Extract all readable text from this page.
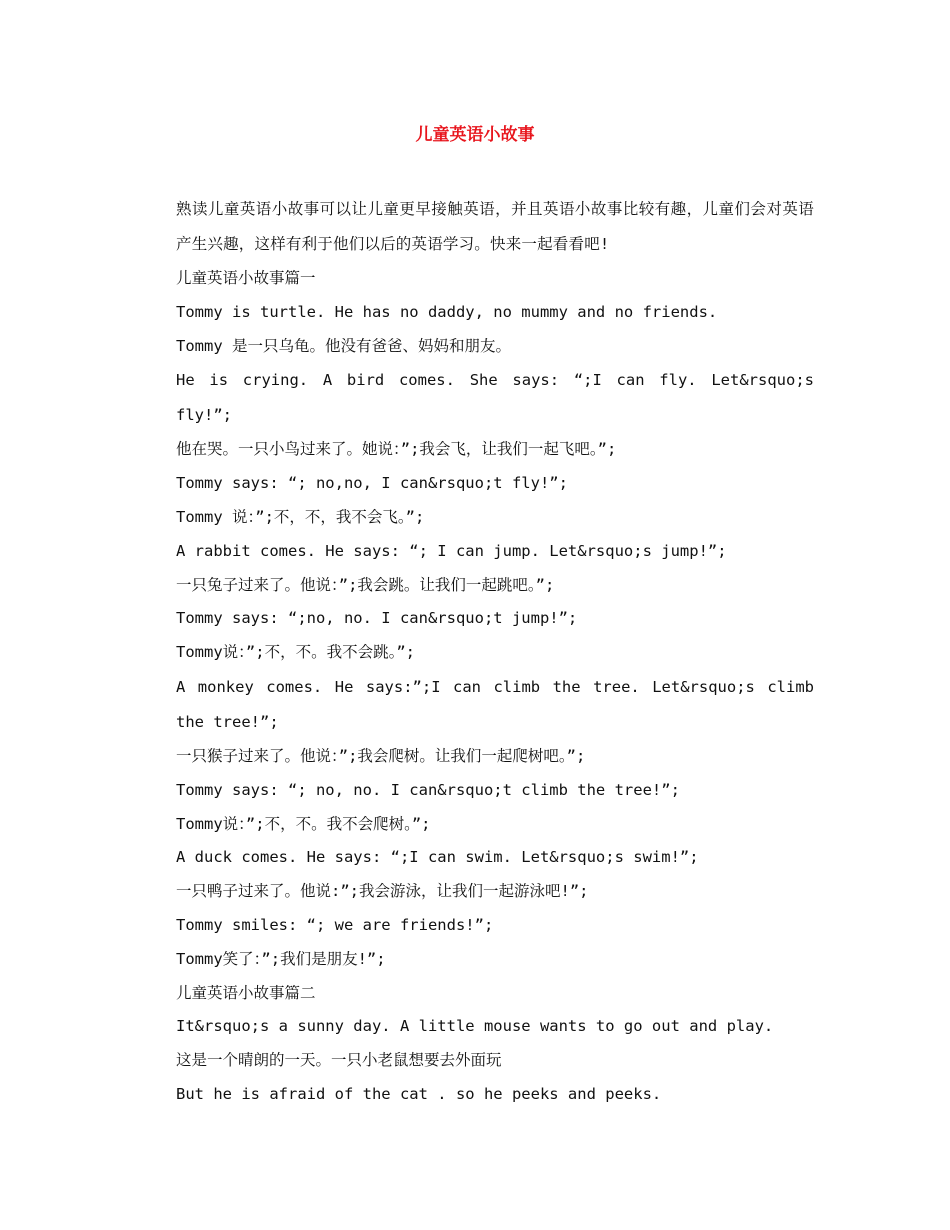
儿童英语小故事

熟读儿童英语小故事可以让儿童更早接触英语，并且英语小故事比较有趣，儿童们会对英语产生兴趣，这样有利于他们以后的英语学习。快来一起看看吧!

儿童英语小故事篇一

Tommy is turtle. He has no daddy, no mummy and no friends.

Tommy 是一只乌龟。他没有爸爸、妈妈和朋友。

He is crying. A bird comes. She says: “;I can fly. Let&rsquo;s fly!”;

他在哭。一只小鸟过来了。她说：”;我会飞，让我们一起飞吧。”;

Tommy says: “; no,no, I can&rsquo;t fly!”;

Tommy 说：”;不，不，我不会飞。”;

A rabbit comes. He says: “; I can jump. Let&rsquo;s jump!”;

一只兔子过来了。他说：”;我会跳。让我们一起跳吧。”;

Tommy says: “;no, no. I can&rsquo;t jump!”;

Tommy说：”;不，不。我不会跳。”;

A monkey comes. He says:”;I can climb the tree. Let&rsquo;s climb the tree!”;

一只猴子过来了。他说：”;我会爬树。让我们一起爬树吧。”;

Tommy says: “; no, no. I can&rsquo;t climb the tree!”;

Tommy说：”;不，不。我不会爬树。”;

A duck comes. He says: “;I can swim. Let&rsquo;s swim!”;

一只鸭子过来了。他说:”;我会游泳，让我们一起游泳吧!”;

Tommy smiles: “; we are friends!”;

Tommy笑了：”;我们是朋友!”;

儿童英语小故事篇二

It&rsquo;s a sunny day. A little mouse wants to go out and play.

这是一个晴朗的一天。一只小老鼠想要去外面玩

But he is afraid of the cat . so he peeks and peeks.
